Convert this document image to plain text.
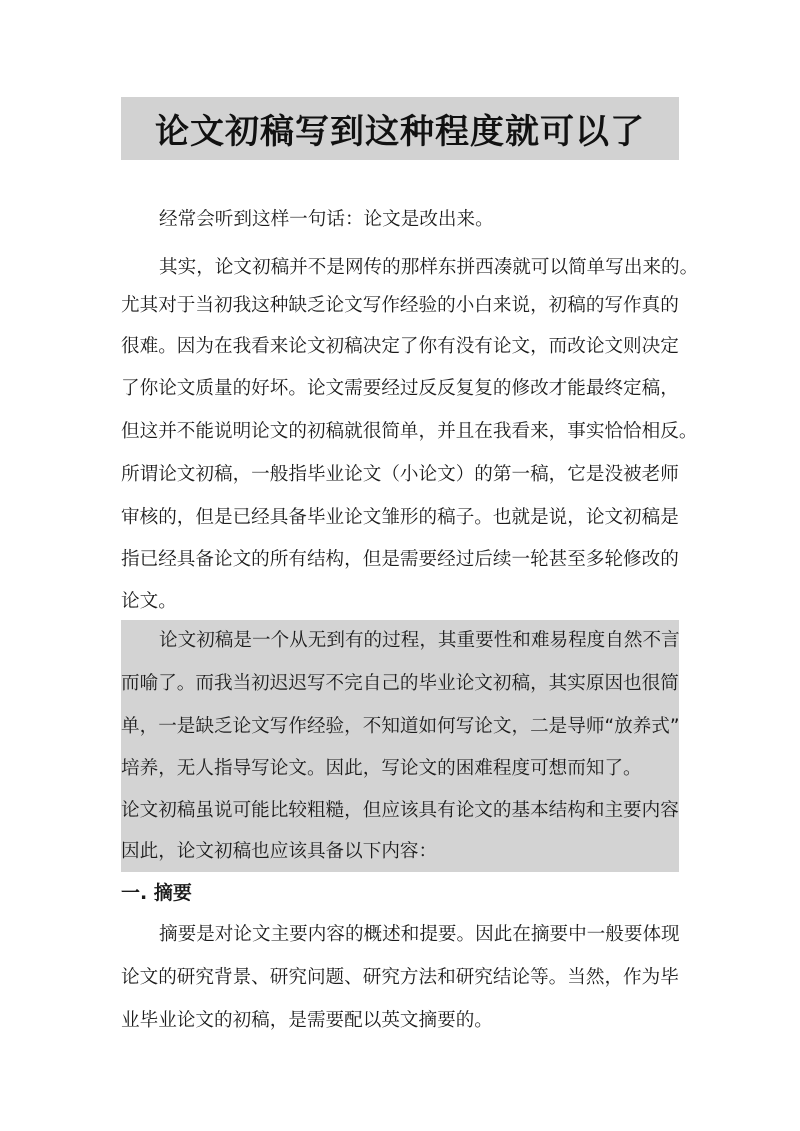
论文初稿写到这种程度就可以了
经常会听到这样一句话：论文是改出来。
其实，论文初稿并不是网传的那样东拼西凑就可以简单写出来的。
尤其对于当初我这种缺乏论文写作经验的小白来说，初稿的写作真的
很难。因为在我看来论文初稿决定了你有没有论文，而改论文则决定
了你论文质量的好坏。论文需要经过反反复复的修改才能最终定稿，
但这并不能说明论文的初稿就很简单，并且在我看来，事实恰恰相反。
所谓论文初稿，一般指毕业论文（小论文）的第一稿，它是没被老师
审核的，但是已经具备毕业论文雏形的稿子。也就是说，论文初稿是
指已经具备论文的所有结构，但是需要经过后续一轮甚至多轮修改的
论文。
论文初稿是一个从无到有的过程，其重要性和难易程度自然不言
而喻了。而我当初迟迟写不完自己的毕业论文初稿，其实原因也很简
单，一是缺乏论文写作经验，不知道如何写论文，二是导师“放养式”
培养，无人指导写论文。因此，写论文的困难程度可想而知了。
论文初稿虽说可能比较粗糙，但应该具有论文的基本结构和主要内容
因此，论文初稿也应该具备以下内容：
一. 摘要
摘要是对论文主要内容的概述和提要。因此在摘要中一般要体现
论文的研究背景、研究问题、研究方法和研究结论等。当然，作为毕
业毕业论文的初稿，是需要配以英文摘要的。
